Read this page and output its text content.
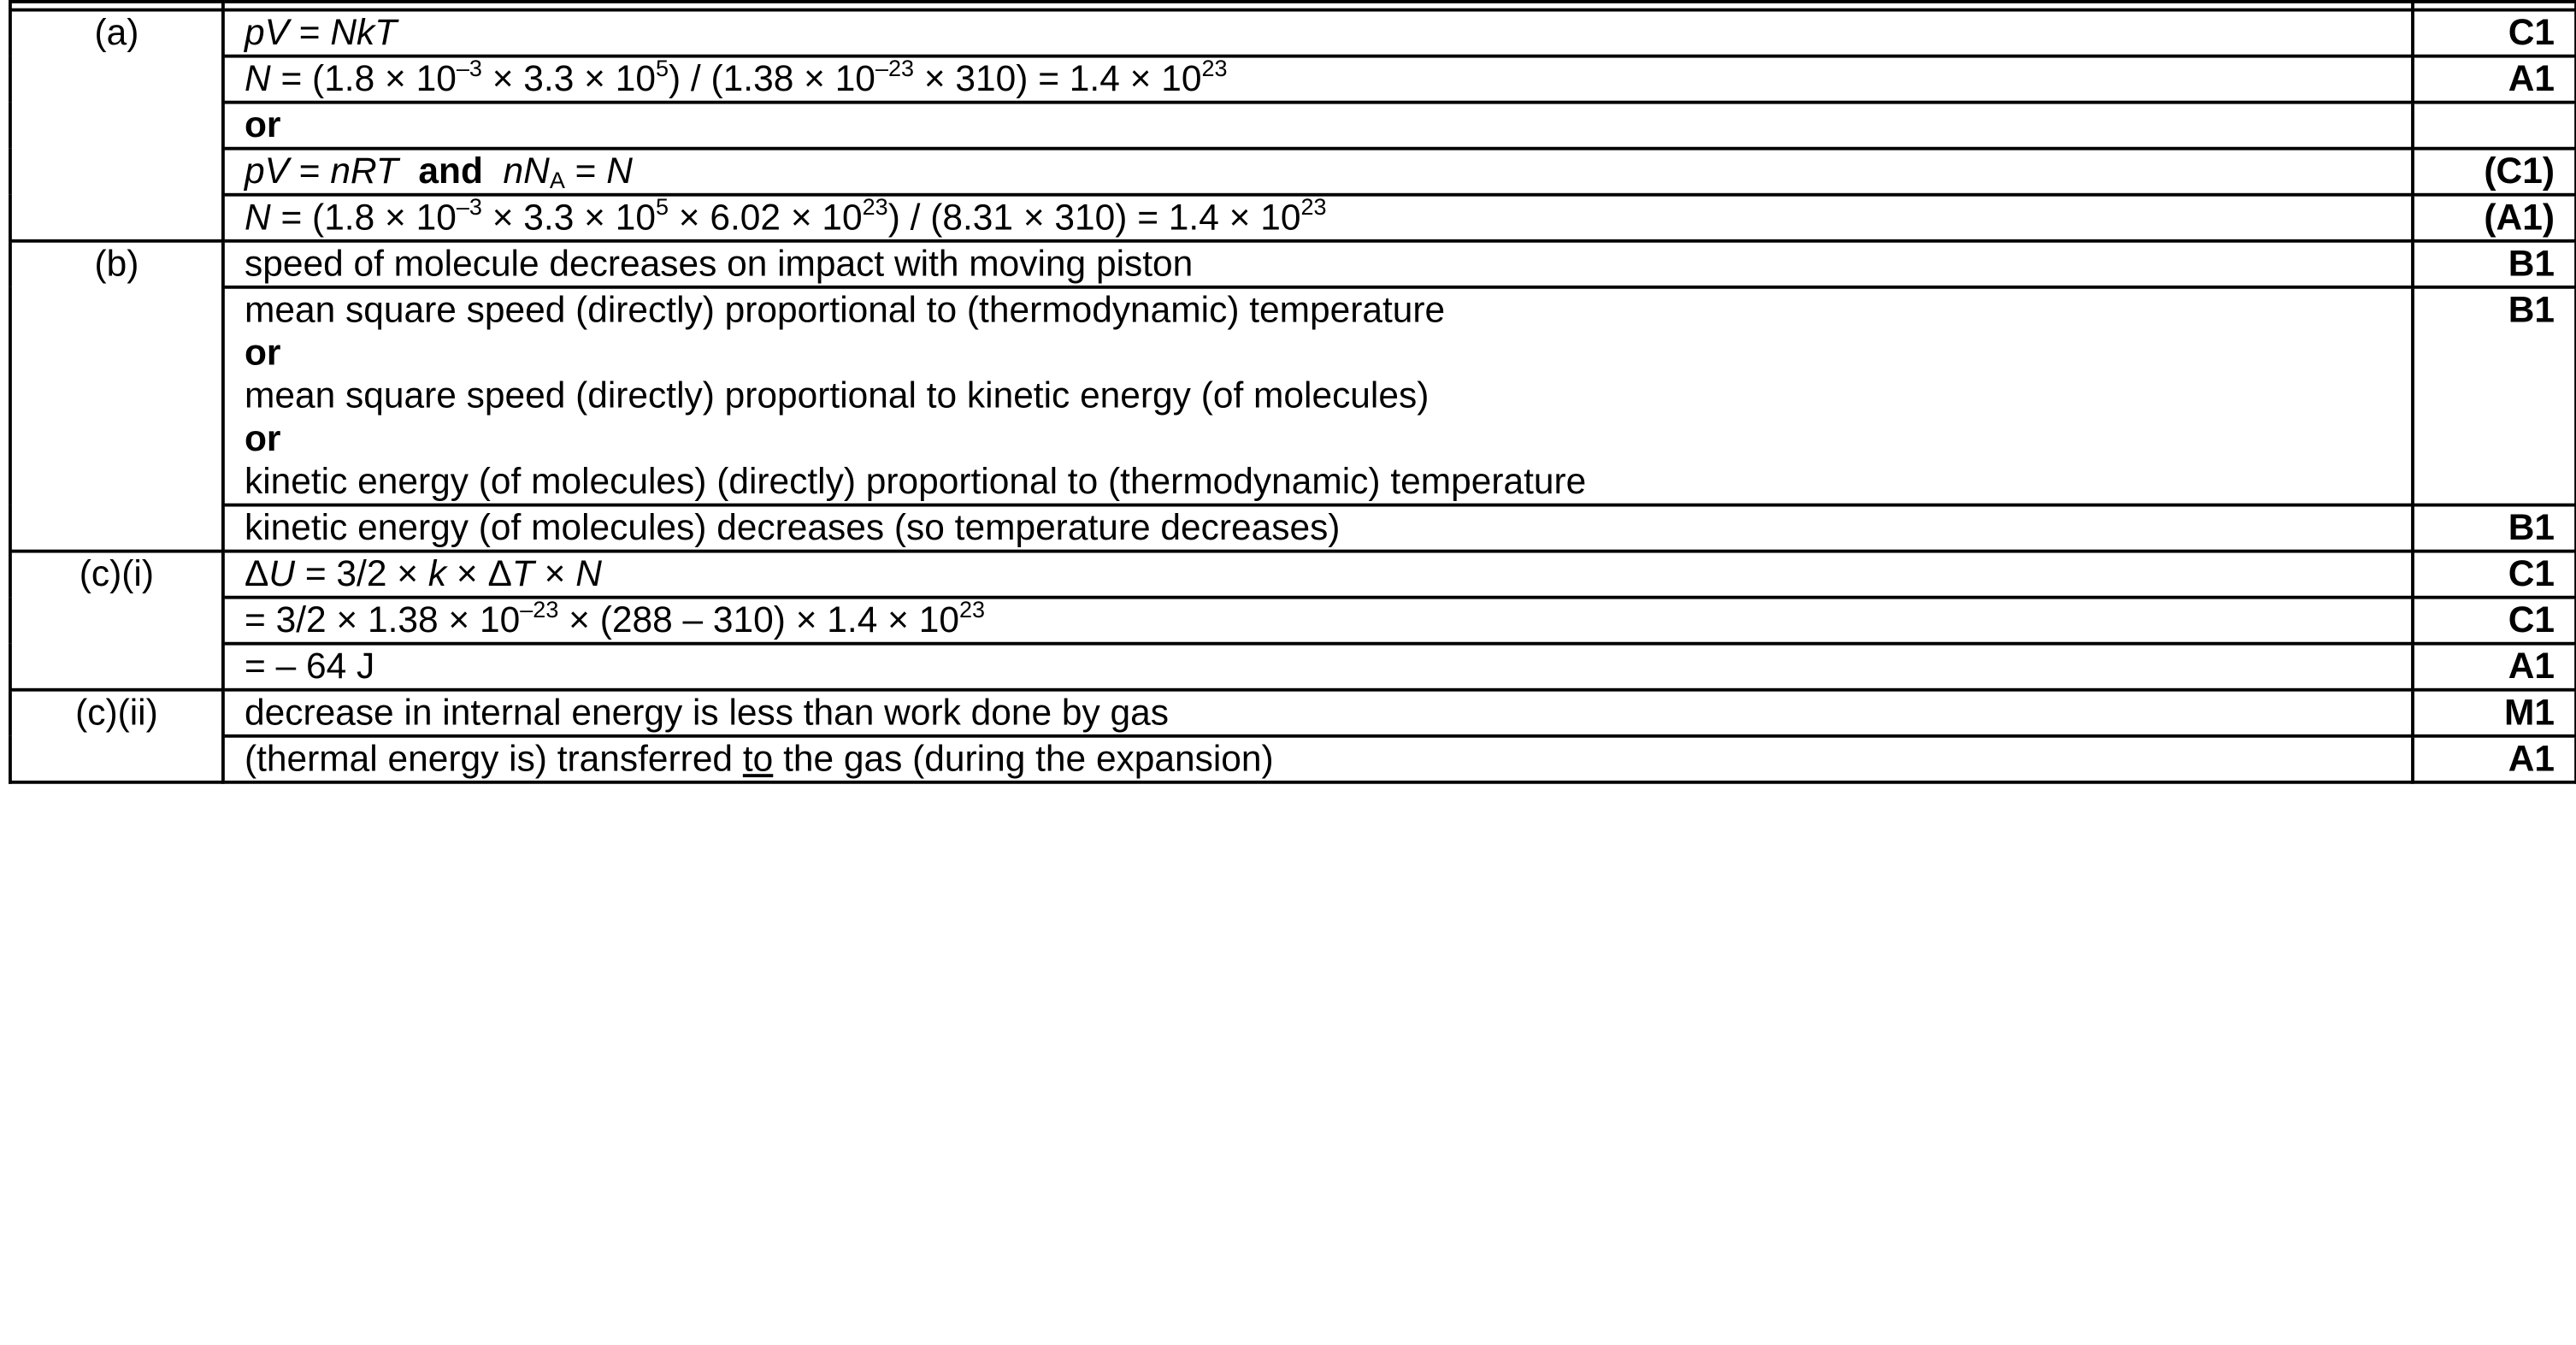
(a)	pV = NkT	C1
	$N = (1.8 \times 10^{-3} \times 3.3 \times 10^5) / (1.38 \times 10^{-23} \times 310) = 1.4 \times 10^{23}$	A1
	or	
	pV = nRT and $nN_A = N$	(C1)
	$N = (1.8 \times 10^{-3} \times 3.3 \times 10^5 \times 6.02 \times 10^{23}) / (8.31 \times 310) = 1.4 \times 10^{23}$	(A1)
(b)	speed of molecule decreases on impact with moving piston	B1

	mean square speed (directly) proportional to (thermodynamic) temperature
or
mean square speed (directly) proportional to kinetic energy (of molecules)
or
kinetic energy (of molecules) (directly) proportional to (thermodynamic) temperature	B1
	kinetic energy (of molecules) decreases (so temperature decreases)	B1
(c)(i)	ΔU = 3/2 × k × ΔT × N	C1
	= $3/2 \times 1.38 \times 10^{-23} \times (288 - 310) \times 1.4 \times 10^{23}$	C1
	= – 64 J	A1
(c)(ii)	decrease in internal energy is less than work done by gas	M1
	(thermal energy is) transferred to the gas (during the expansion)	A1
